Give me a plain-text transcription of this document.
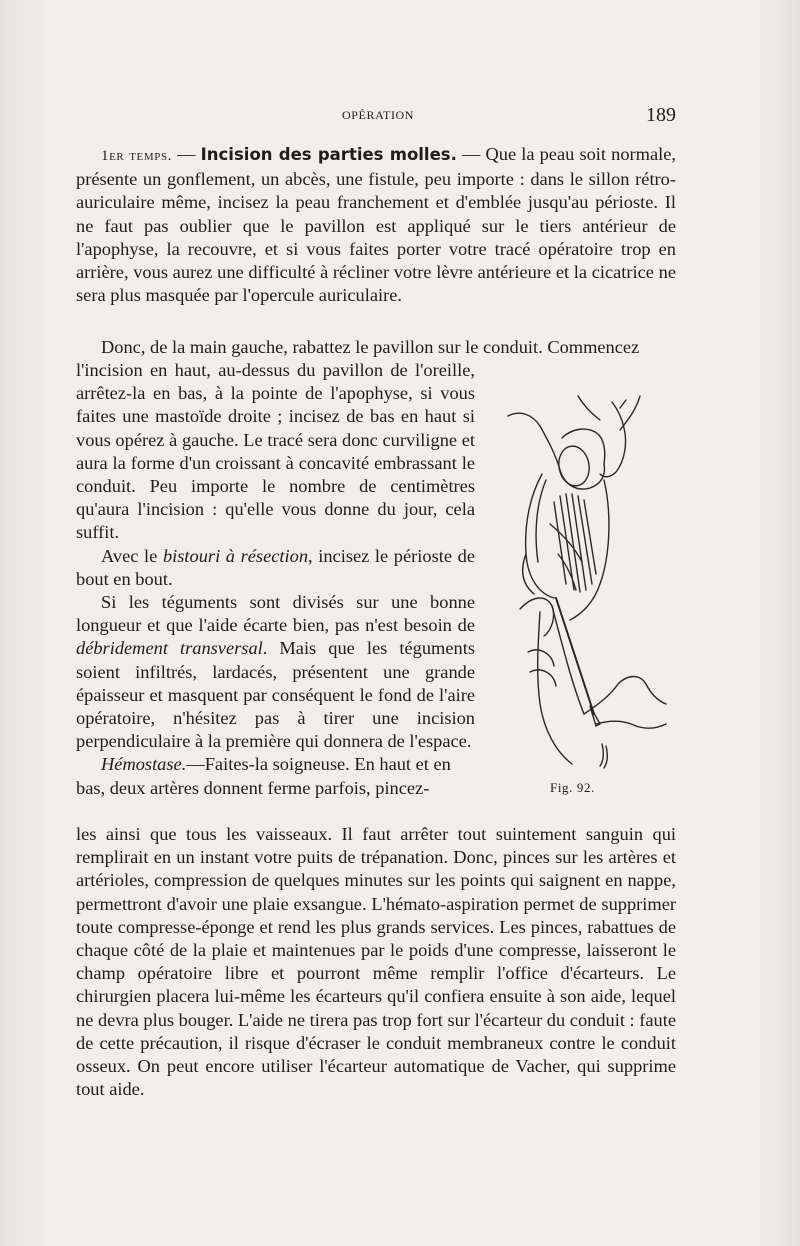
OPÉRATION	189

1er temps. — Incision des parties molles. — Que la peau soit normale, présente un gonflement, un abcès, une fistule, peu importe : dans le sillon rétro-auriculaire même, incisez la peau franchement et d'emblée jusqu'au périoste. Il ne faut pas oublier que le pavillon est appliqué sur le tiers antérieur de l'apophyse, la recouvre, et si vous faites porter votre tracé opératoire trop en arrière, vous aurez une difficulté à récliner votre lèvre antérieure et la cicatrice ne sera plus masquée par l'opercule auriculaire.

Donc, de la main gauche, rabattez le pavillon sur le conduit. Commencez

l'incision en haut, au-dessus du pavillon de l'oreille, arrêtez-la en bas, à la pointe de l'apophyse, si vous faites une mastoïde droite ; incisez de bas en haut si vous opérez à gauche. Le tracé sera donc curviligne et aura la forme d'un croissant à concavité embrassant le conduit. Peu importe le nombre de centimètres qu'aura l'incision : qu'elle vous donne du jour, cela suffit.

Avec le bistouri à résection, incisez le périoste de bout en bout.

Si les téguments sont divisés sur une bonne longueur et que l'aide écarte bien, pas n'est besoin de débridement transversal. Mais que les téguments soient infiltrés, lardacés, présentent une grande épaisseur et masquent par conséquent le fond de l'aire opératoire, n'hésitez pas à tirer une incision perpendiculaire à la première qui donnera de l'espace.

Hémostase.—Faites-la soigneuse. En haut et en

bas, deux artères donnent ferme parfois, pincez-

les ainsi que tous les vaisseaux. Il faut arrêter tout suintement sanguin qui remplirait en un instant votre puits de trépanation. Donc, pinces sur les artères et artérioles, compression de quelques minutes sur les points qui saignent en nappe, permettront d'avoir une plaie exsangue. L'hémato-aspiration permet de supprimer toute compresse-éponge et rend les plus grands services. Les pinces, rabattues de chaque côté de la plaie et maintenues par le poids d'une compresse, laisseront le champ opératoire libre et pourront même remplir l'office d'écarteurs. Le chirurgien placera lui-même les écarteurs qu'il confiera ensuite à son aide, lequel ne devra plus bouger. L'aide ne tirera pas trop fort sur l'écarteur du conduit : faute de cette précaution, il risque d'écraser le conduit membraneux contre le conduit osseux. On peut encore utiliser l'écarteur automatique de Vacher, qui supprime tout aide.

Fig. 92.
